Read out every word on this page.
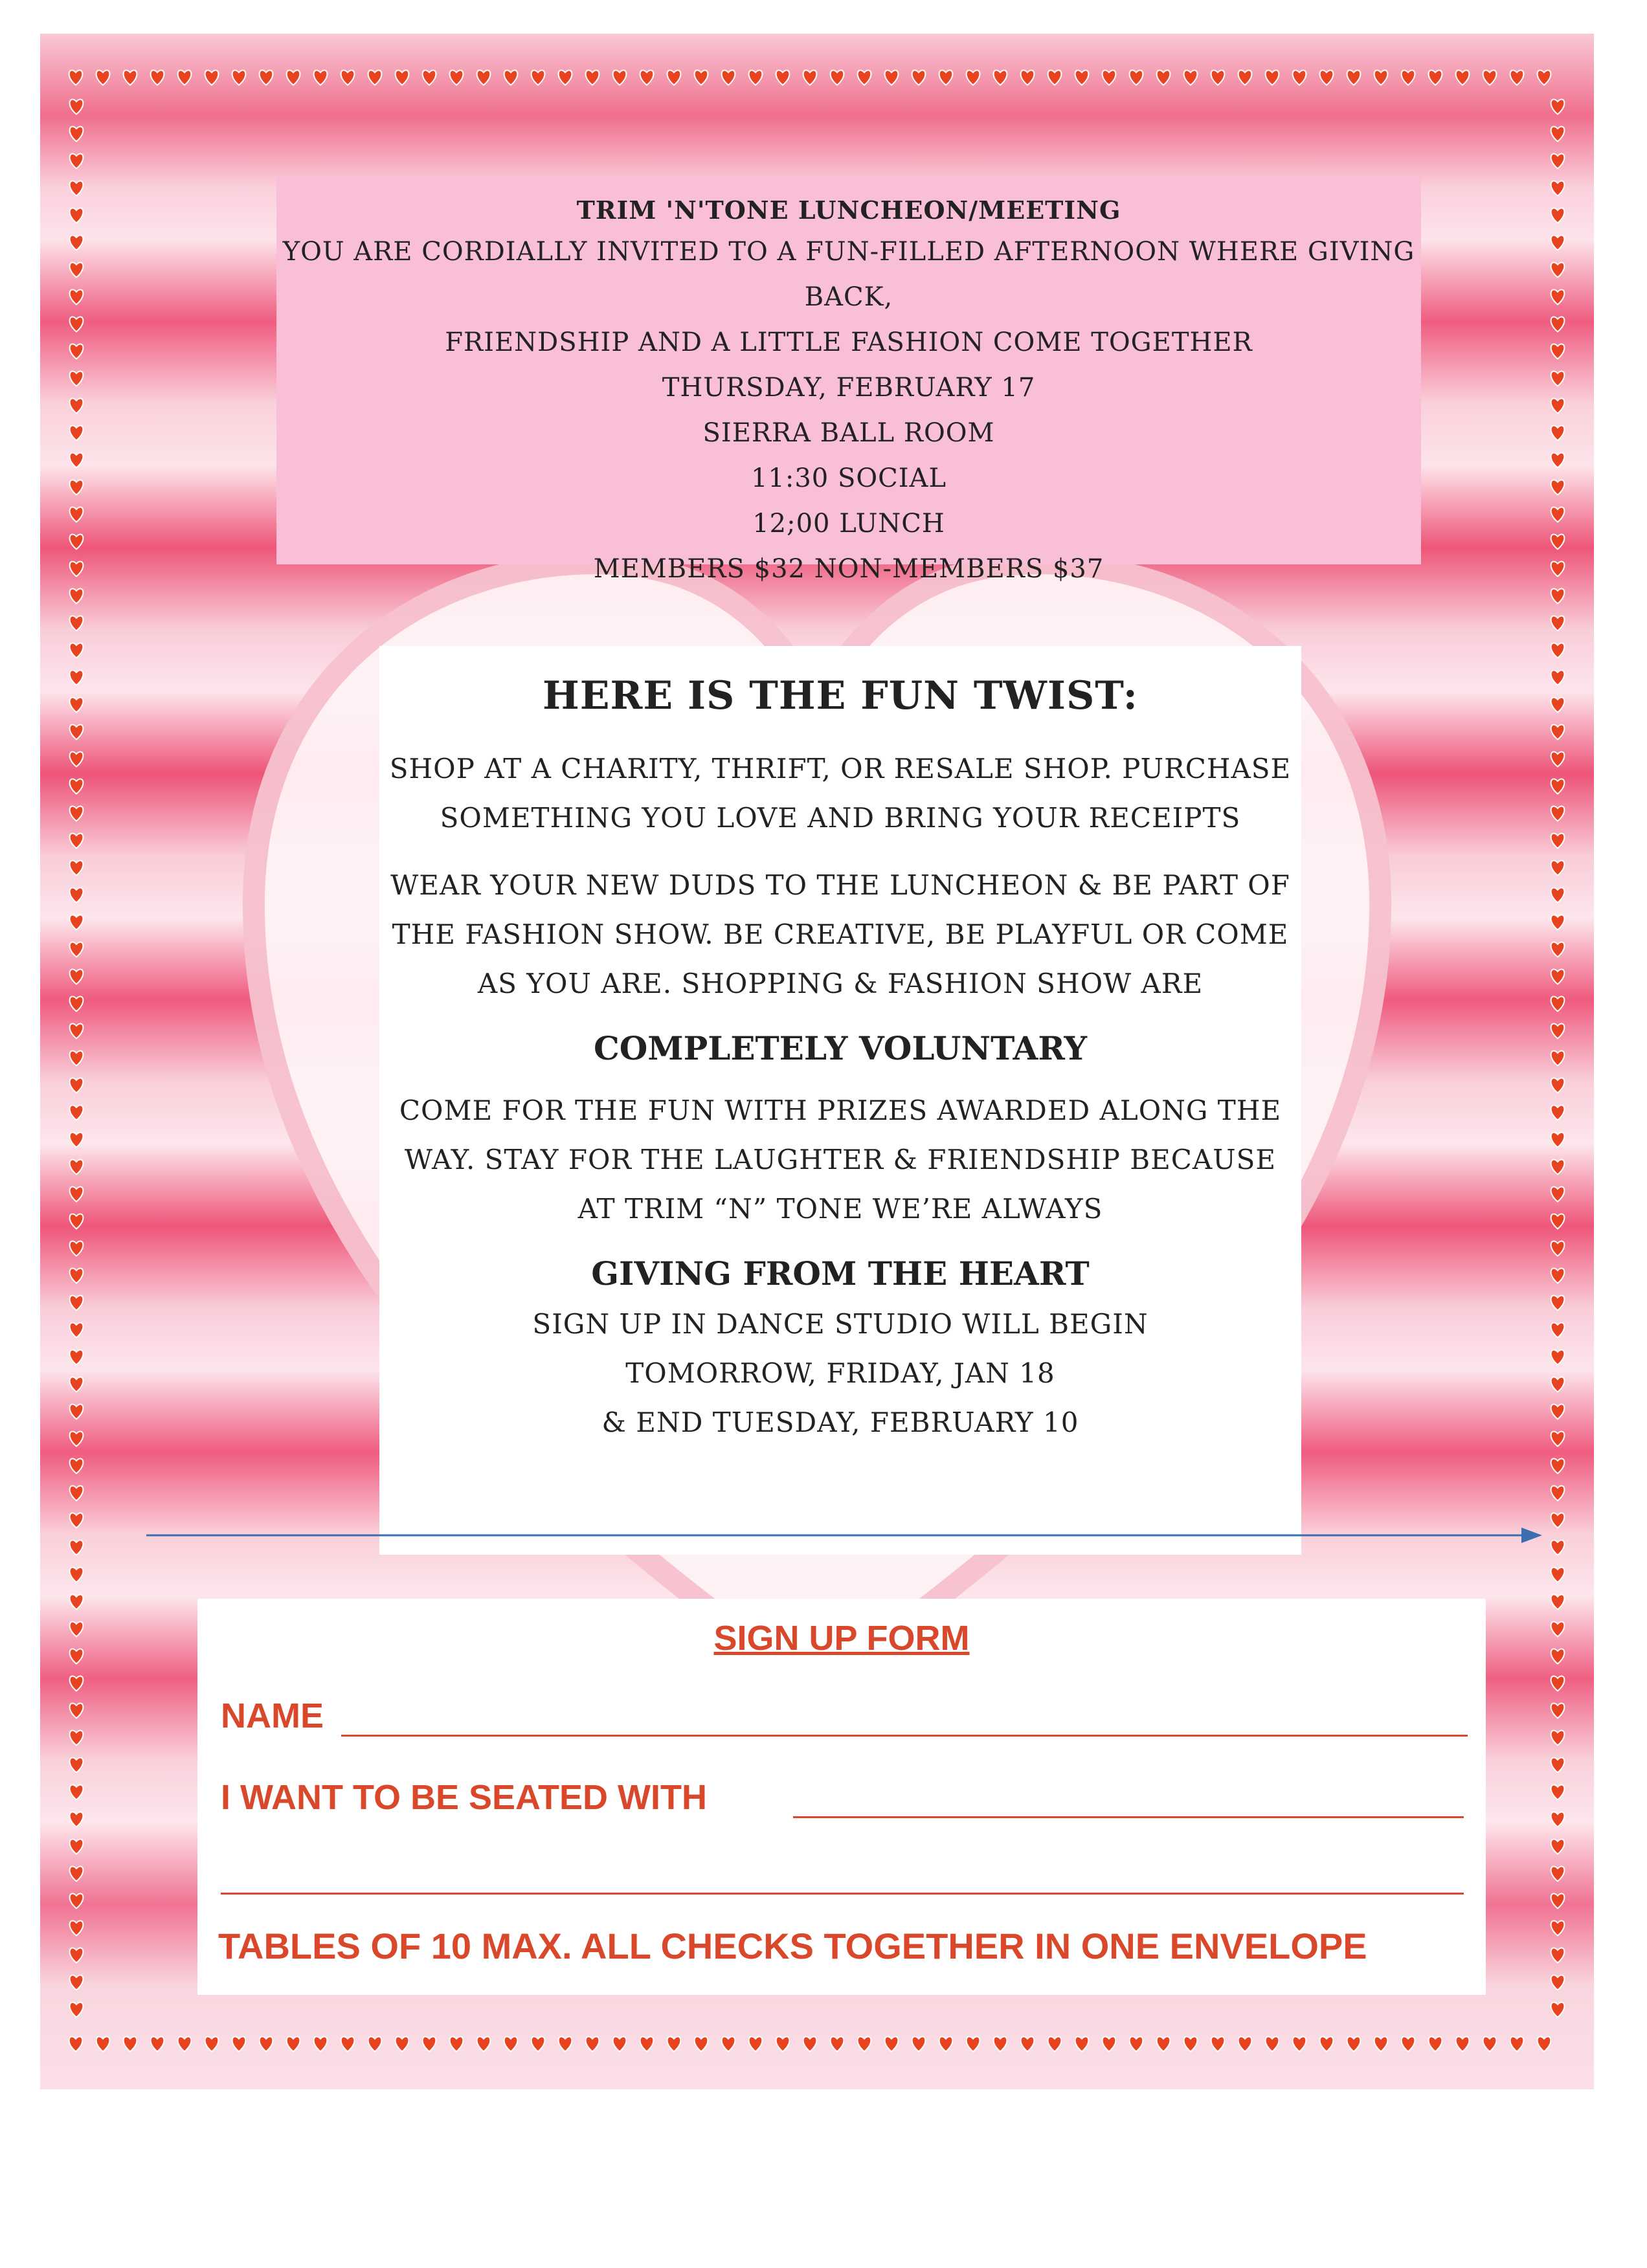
TRIM 'N'TONE LUNCHEON/MEETING
YOU ARE CORDIALLY INVITED TO A FUN-FILLED AFTERNOON WHERE GIVING BACK,
FRIENDSHIP AND A LITTLE FASHION COME TOGETHER
THURSDAY, FEBRUARY 17
SIERRA BALL ROOM
11:30 SOCIAL
12;00 LUNCH
MEMBERS $32 NON-MEMBERS $37
HERE IS THE FUN TWIST:

SHOP AT A CHARITY, THRIFT, OR RESALE SHOP. PURCHASE

SOMETHING YOU LOVE AND BRING YOUR RECEIPTS

WEAR YOUR NEW DUDS TO THE LUNCHEON & BE PART OF

THE FASHION SHOW. BE CREATIVE, BE PLAYFUL OR COME

AS YOU ARE. SHOPPING & FASHION SHOW ARE

COMPLETELY VOLUNTARY

COME FOR THE FUN WITH PRIZES AWARDED ALONG THE

WAY. STAY FOR THE LAUGHTER & FRIENDSHIP BECAUSE

AT TRIM “N” TONE WE’RE ALWAYS

GIVING FROM THE HEART

SIGN UP IN DANCE STUDIO WILL BEGIN

TOMORROW, FRIDAY, JAN 18

& END TUESDAY, FEBRUARY 10

SIGN UP FORM
NAME
I WANT TO BE SEATED WITH
TABLES OF 10 MAX. ALL CHECKS TOGETHER IN ONE ENVELOPE
